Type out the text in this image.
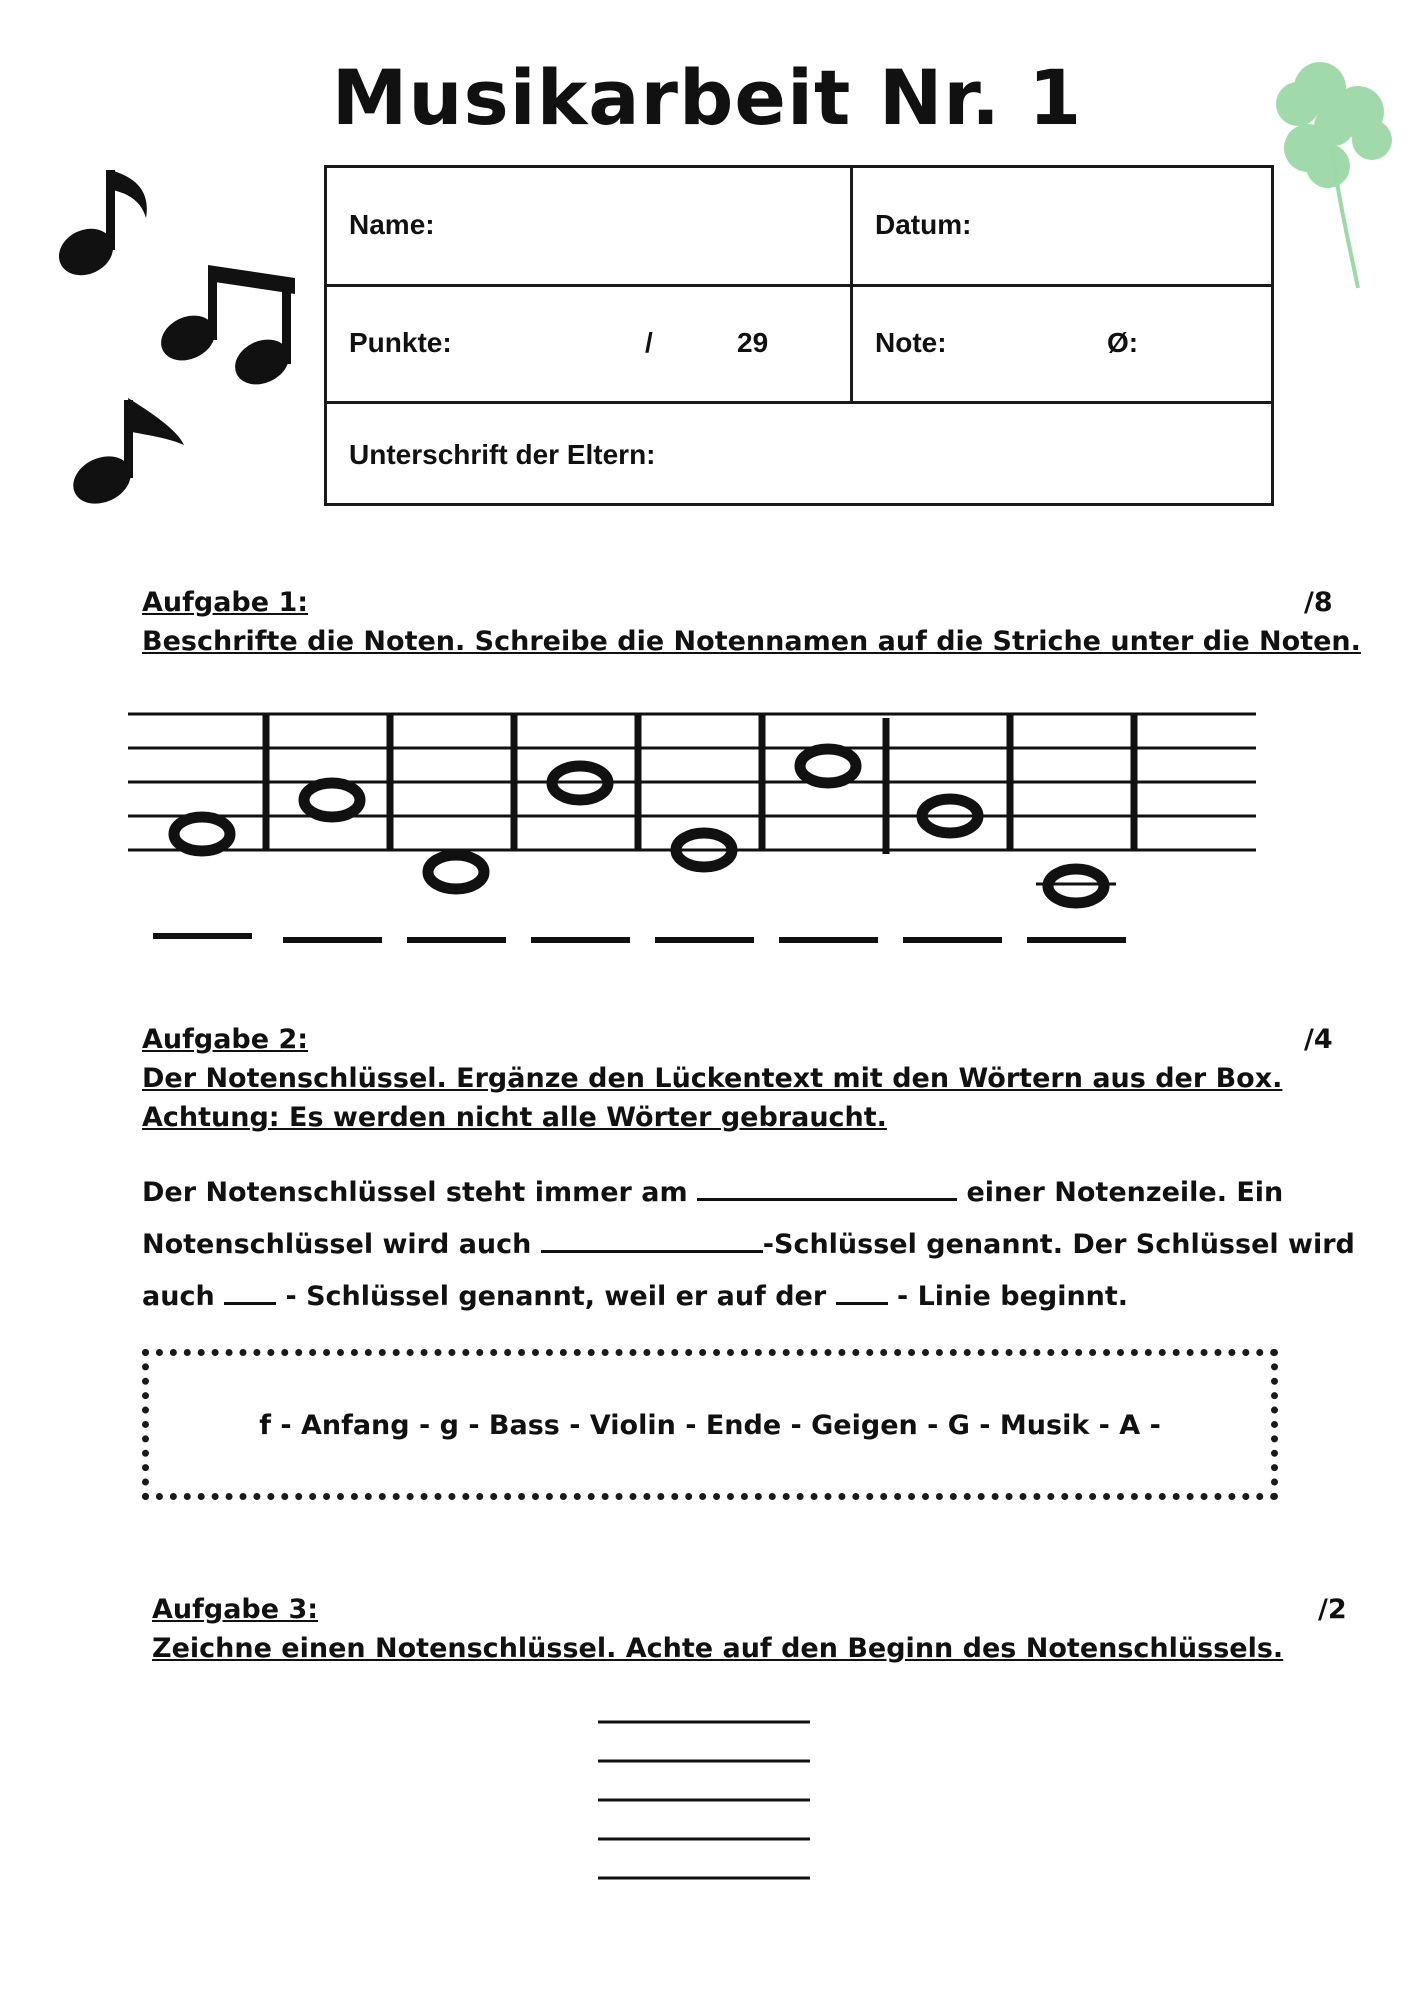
Musikarbeit Nr. 1
Name:	Datum:
Punkte:	/	29	Note:	Ø:
Unterschrift der Eltern:
Aufgabe 1:	/8
Beschrifte die Noten. Schreibe die Notennamen auf die Striche unter die Noten.
Aufgabe 2:	/4
Der Notenschlüssel. Ergänze den Lückentext mit den Wörtern aus der Box.
Achtung: Es werden nicht alle Wörter gebraucht.
Der Notenschlüssel steht immer am	einer Notenzeile. Ein
Notenschlüssel wird auch	-Schlüssel genannt. Der Schlüssel wird
auch	- Schlüssel genannt, weil er auf der	- Linie beginnt.
f - Anfang - g - Bass - Violin - Ende - Geigen - G - Musik - A -
Aufgabe 3:	/2
Zeichne einen Notenschlüssel. Achte auf den Beginn des Notenschlüssels.
